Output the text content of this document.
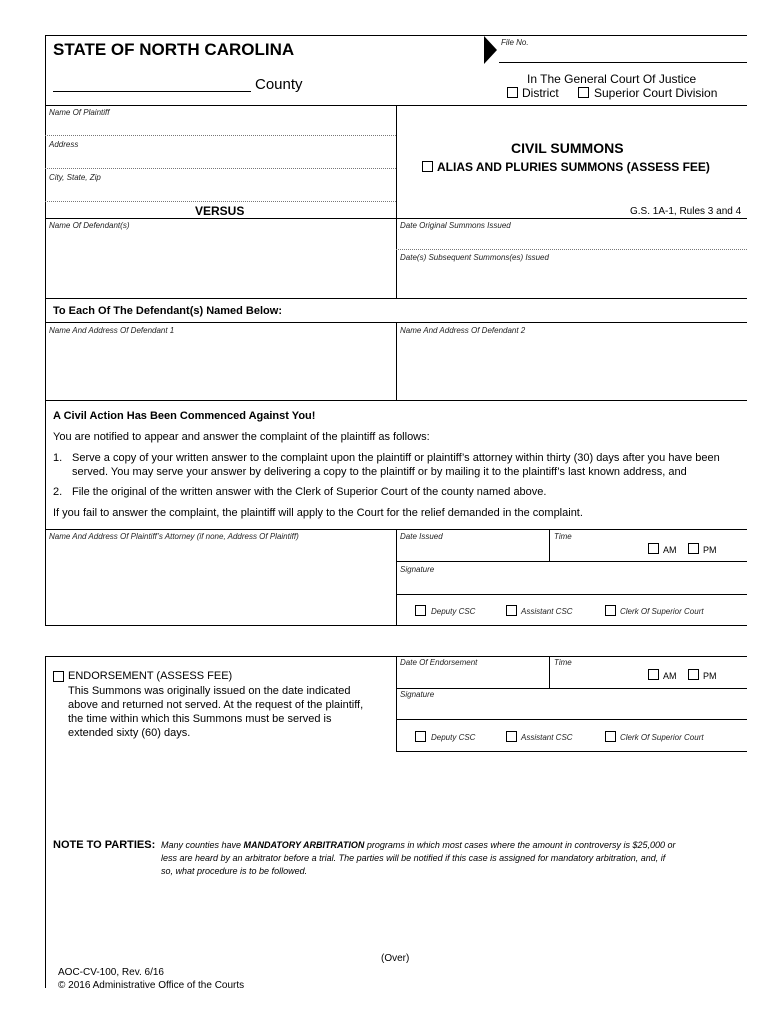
STATE OF NORTH CAROLINA
County
File No.
In The General Court Of Justice
District	Superior Court Division
Name Of Plaintiff
Address
City, State, Zip
VERSUS
Name Of Defendant(s)
CIVIL SUMMONS
ALIAS AND PLURIES SUMMONS (ASSESS FEE)
G.S. 1A-1, Rules 3 and 4
Date Original Summons Issued
Date(s) Subsequent Summons(es) Issued
To Each Of The Defendant(s) Named Below:
Name And Address Of Defendant 1	Name And Address Of Defendant 2
A Civil Action Has Been Commenced Against You!
You are notified to appear and answer the complaint of the plaintiff as follows:
1. Serve a copy of your written answer to the complaint upon the plaintiff or plaintiff’s attorney within thirty (30) days after you have been
served. You may serve your answer by delivering a copy to the plaintiff or by mailing it to the plaintiff’s last known address, and
2. File the original of the written answer with the Clerk of Superior Court of the county named above.
If you fail to answer the complaint, the plaintiff will apply to the Court for the relief demanded in the complaint.
Name And Address Of Plaintiff’s Attorney (if none, Address Of Plaintiff)	Date Issued	Time
AM	PM
Signature
Deputy CSC	Assistant CSC	Clerk Of Superior Court
ENDORSEMENT (ASSESS FEE)
This Summons was originally issued on the date indicated
above and returned not served. At the request of the plaintiff,
the time within which this Summons must be served is
extended sixty (60) days.
Date Of Endorsement	Time
AM	PM
Signature
Deputy CSC	Assistant CSC	Clerk Of Superior Court
NOTE TO PARTIES: Many counties have MANDATORY ARBITRATION programs in which most cases where the amount in controversy is $25,000 or
less are heard by an arbitrator before a trial. The parties will be notified if this case is assigned for mandatory arbitration, and, if
so, what procedure is to be followed.
(Over)
AOC-CV-100, Rev. 6/16
© 2016 Administrative Office of the Courts
